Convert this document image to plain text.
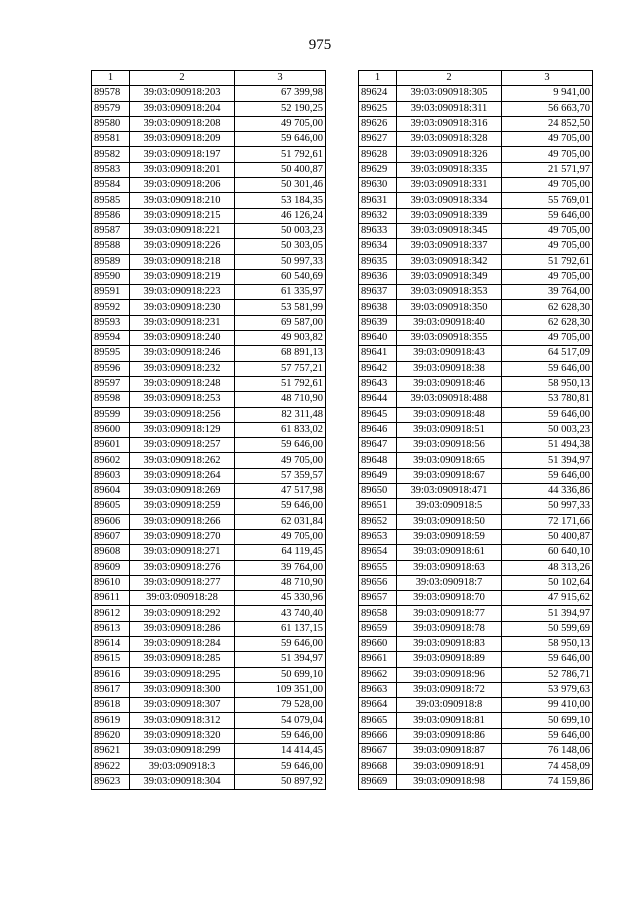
975
1	2	3
89578	39:03:090918:203	67 399,98
89579	39:03:090918:204	52 190,25
89580	39:03:090918:208	49 705,00
89581	39:03:090918:209	59 646,00
89582	39:03:090918:197	51 792,61
89583	39:03:090918:201	50 400,87
89584	39:03:090918:206	50 301,46
89585	39:03:090918:210	53 184,35
89586	39:03:090918:215	46 126,24
89587	39:03:090918:221	50 003,23
89588	39:03:090918:226	50 303,05
89589	39:03:090918:218	50 997,33
89590	39:03:090918:219	60 540,69
89591	39:03:090918:223	61 335,97
89592	39:03:090918:230	53 581,99
89593	39:03:090918:231	69 587,00
89594	39:03:090918:240	49 903,82
89595	39:03:090918:246	68 891,13
89596	39:03:090918:232	57 757,21
89597	39:03:090918:248	51 792,61
89598	39:03:090918:253	48 710,90
89599	39:03:090918:256	82 311,48
89600	39:03:090918:129	61 833,02
89601	39:03:090918:257	59 646,00
89602	39:03:090918:262	49 705,00
89603	39:03:090918:264	57 359,57
89604	39:03:090918:269	47 517,98
89605	39:03:090918:259	59 646,00
89606	39:03:090918:266	62 031,84
89607	39:03:090918:270	49 705,00
89608	39:03:090918:271	64 119,45
89609	39:03:090918:276	39 764,00
89610	39:03:090918:277	48 710,90
89611	39:03:090918:28	45 330,96
89612	39:03:090918:292	43 740,40
89613	39:03:090918:286	61 137,15
89614	39:03:090918:284	59 646,00
89615	39:03:090918:285	51 394,97
89616	39:03:090918:295	50 699,10
89617	39:03:090918:300	109 351,00
89618	39:03:090918:307	79 528,00
89619	39:03:090918:312	54 079,04
89620	39:03:090918:320	59 646,00
89621	39:03:090918:299	14 414,45
89622	39:03:090918:3	59 646,00
89623	39:03:090918:304	50 897,92
1	2	3
89624	39:03:090918:305	9 941,00
89625	39:03:090918:311	56 663,70
89626	39:03:090918:316	24 852,50
89627	39:03:090918:328	49 705,00
89628	39:03:090918:326	49 705,00
89629	39:03:090918:335	21 571,97
89630	39:03:090918:331	49 705,00
89631	39:03:090918:334	55 769,01
89632	39:03:090918:339	59 646,00
89633	39:03:090918:345	49 705,00
89634	39:03:090918:337	49 705,00
89635	39:03:090918:342	51 792,61
89636	39:03:090918:349	49 705,00
89637	39:03:090918:353	39 764,00
89638	39:03:090918:350	62 628,30
89639	39:03:090918:40	62 628,30
89640	39:03:090918:355	49 705,00
89641	39:03:090918:43	64 517,09
89642	39:03:090918:38	59 646,00
89643	39:03:090918:46	58 950,13
89644	39:03:090918:488	53 780,81
89645	39:03:090918:48	59 646,00
89646	39:03:090918:51	50 003,23
89647	39:03:090918:56	51 494,38
89648	39:03:090918:65	51 394,97
89649	39:03:090918:67	59 646,00
89650	39:03:090918:471	44 336,86
89651	39:03:090918:5	50 997,33
89652	39:03:090918:50	72 171,66
89653	39:03:090918:59	50 400,87
89654	39:03:090918:61	60 640,10
89655	39:03:090918:63	48 313,26
89656	39:03:090918:7	50 102,64
89657	39:03:090918:70	47 915,62
89658	39:03:090918:77	51 394,97
89659	39:03:090918:78	50 599,69
89660	39:03:090918:83	58 950,13
89661	39:03:090918:89	59 646,00
89662	39:03:090918:96	52 786,71
89663	39:03:090918:72	53 979,63
89664	39:03:090918:8	99 410,00
89665	39:03:090918:81	50 699,10
89666	39:03:090918:86	59 646,00
89667	39:03:090918:87	76 148,06
89668	39:03:090918:91	74 458,09
89669	39:03:090918:98	74 159,86
